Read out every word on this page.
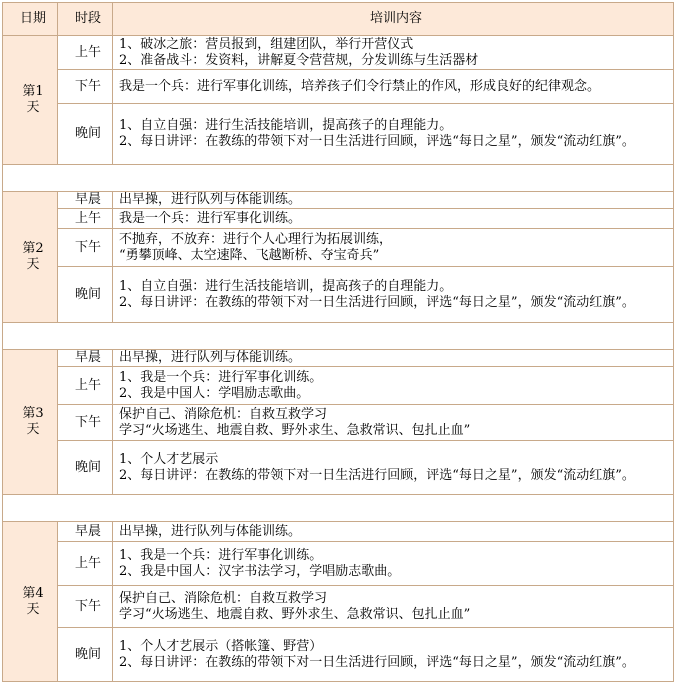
日期	时段	培训内容
第1
天	上午	1、破冰之旅：营员报到，组建团队，举行开营仪式
2、准备战斗：发资料，讲解夏令营营规，分发训练与生活器材
	下午	我是一个兵：进行军事化训练，培养孩子们令行禁止的作风，形成良好的纪律观念。
	晚间	1、自立自强：进行生活技能培训，提高孩子的自理能力。
2、每日讲评：在教练的带领下对一日生活进行回顾，评选“每日之星”，颁发“流动红旗”。

第2
天	早晨	出早操，进行队列与体能训练。
	上午	我是一个兵：进行军事化训练。
	下午	不抛弃，不放弃：进行个人心理行为拓展训练，
“勇攀顶峰、太空速降、飞越断桥、夺宝奇兵”
	晚间	1、自立自强：进行生活技能培训，提高孩子的自理能力。
2、每日讲评：在教练的带领下对一日生活进行回顾，评选“每日之星”，颁发“流动红旗”。

第3
天	早晨	出早操，进行队列与体能训练。
	上午	1、我是一个兵：进行军事化训练。
2、我是中国人：学唱励志歌曲。
	下午	保护自己、消除危机：自救互救学习
学习“火场逃生、地震自救、野外求生、急救常识、包扎止血”
	晚间	1、个人才艺展示
2、每日讲评：在教练的带领下对一日生活进行回顾，评选“每日之星”，颁发“流动红旗”。

第4
天	早晨	出早操，进行队列与体能训练。
	上午	1、我是一个兵：进行军事化训练。
2、我是中国人：汉字书法学习，学唱励志歌曲。
	下午	保护自己、消除危机：自救互救学习
学习“火场逃生、地震自救、野外求生、急救常识、包扎止血”
	晚间	1、个人才艺展示（搭帐篷、野营）
2、每日讲评：在教练的带领下对一日生活进行回顾，评选“每日之星”，颁发“流动红旗”。
